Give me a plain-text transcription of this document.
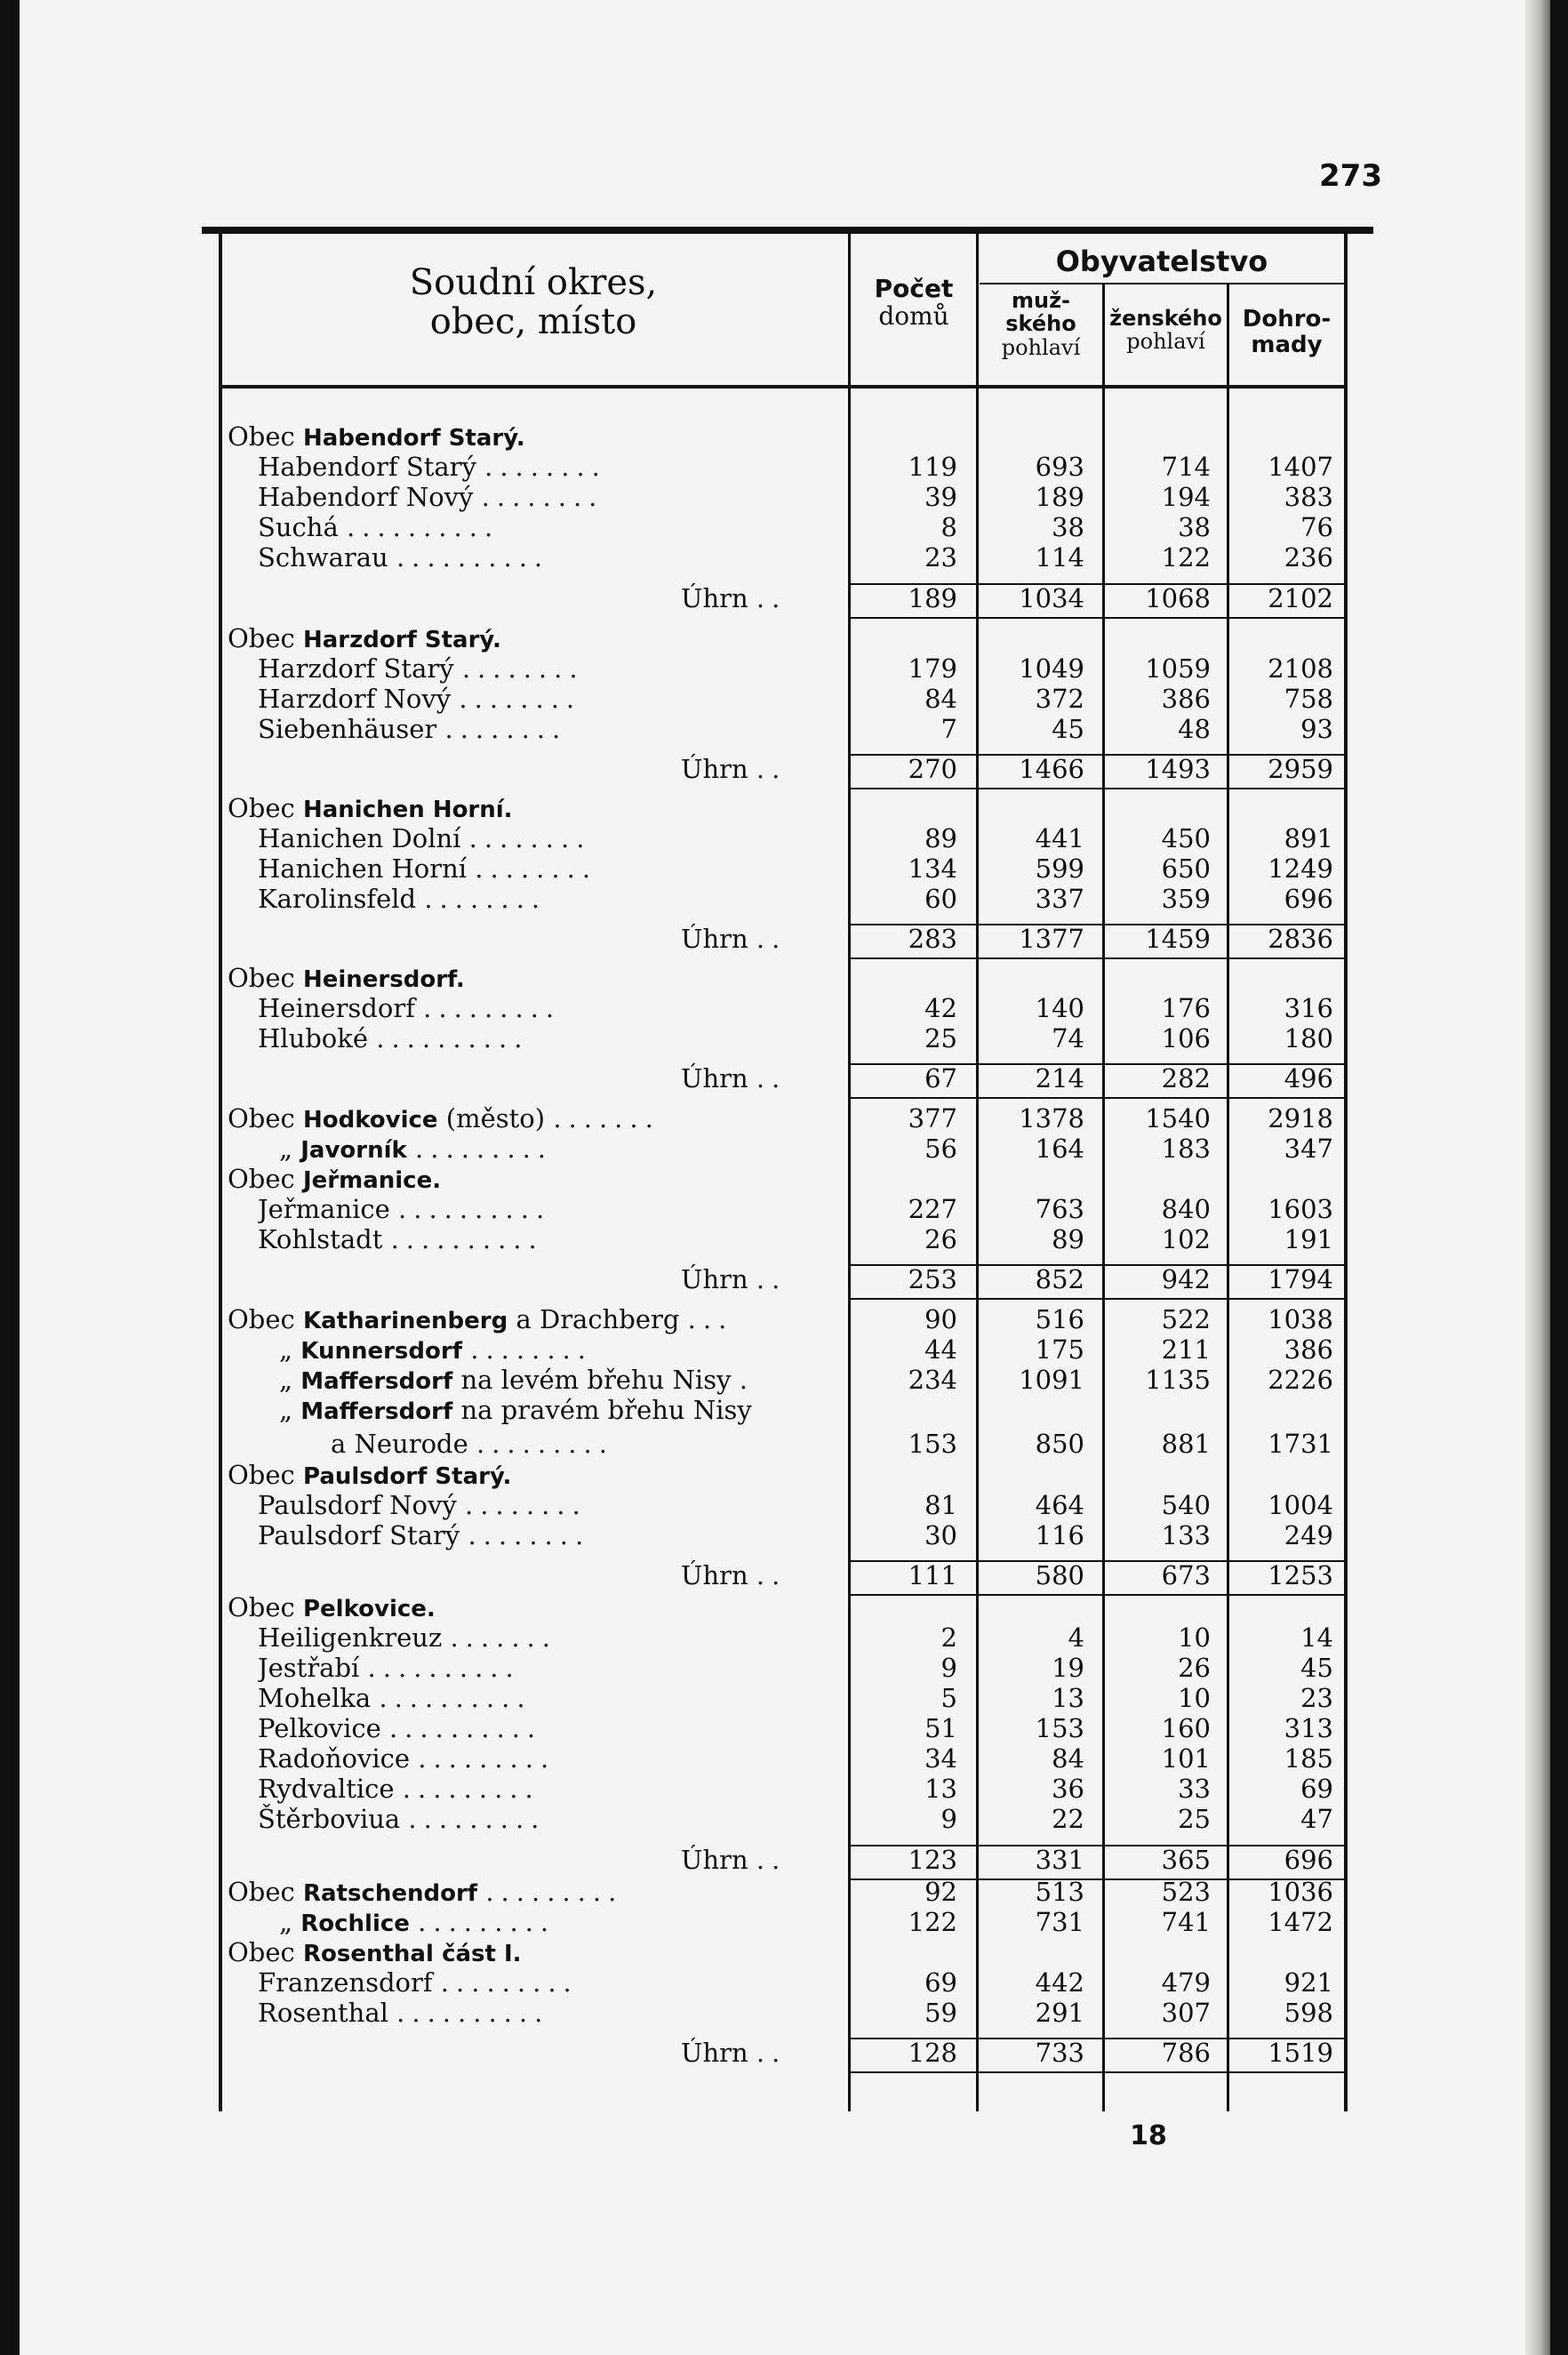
273
Soudní okres,
obec, místo
Počet
domů
Obyvatelstvo
muž-
ského
pohlaví
ženského
pohlaví
Dohro-
mady
Obec Habendorf Starý.
Habendorf Starý ........	119	693	714	1407
Habendorf Nový ........	39	189	194	383
Suchá ..........	8	38	38	76
Schwarau ..........	23	114	122	236
Úhrn ..	189	1034	1068	2102
Obec Harzdorf Starý.
Harzdorf Starý ........	179	1049	1059	2108
Harzdorf Nový ........	84	372	386	758
Siebenhäuser ........	7	45	48	93
Úhrn ..	270	1466	1493	2959
Obec Hanichen Horní.
Hanichen Dolní ........	89	441	450	891
Hanichen Horní ........	134	599	650	1249
Karolinsfeld ........	60	337	359	696
Úhrn ..	283	1377	1459	2836
Obec Heinersdorf.
Heinersdorf .........	42	140	176	316
Hluboké ..........	25	74	106	180
Úhrn ..	67	214	282	496
Obec Hodkovice (město) .......	377	1378	1540	2918
„ Javorník .........	56	164	183	347
Obec Jeřmanice.
Jeřmanice ..........	227	763	840	1603
Kohlstadt ..........	26	89	102	191
Úhrn ..	253	852	942	1794
Obec Katharinenberg a Drachberg ...	90	516	522	1038
„ Kunnersdorf ........	44	175	211	386
„ Maffersdorf na levém břehu Nisy .	234	1091	1135	2226
„ Maffersdorf na pravém břehu Nisy
a Neurode .........	153	850	881	1731
Obec Paulsdorf Starý.
Paulsdorf Nový ........	81	464	540	1004
Paulsdorf Starý ........	30	116	133	249
Úhrn ..	111	580	673	1253
Obec Pelkovice.
Heiligenkreuz .......	2	4	10	14
Jestřabí ..........	9	19	26	45
Mohelka ..........	5	13	10	23
Pelkovice ..........	51	153	160	313
Radoňovice .........	34	84	101	185
Rydvaltice .........	13	36	33	69
Štěrboviua .........	9	22	25	47
Úhrn ..	123	331	365	696
Obec Ratschendorf .........	92	513	523	1036
„ Rochlice .........	122	731	741	1472
Obec Rosenthal část I.
Franzensdorf .........	69	442	479	921
Rosenthal ..........	59	291	307	598
Úhrn ..	128	733	786	1519
18
